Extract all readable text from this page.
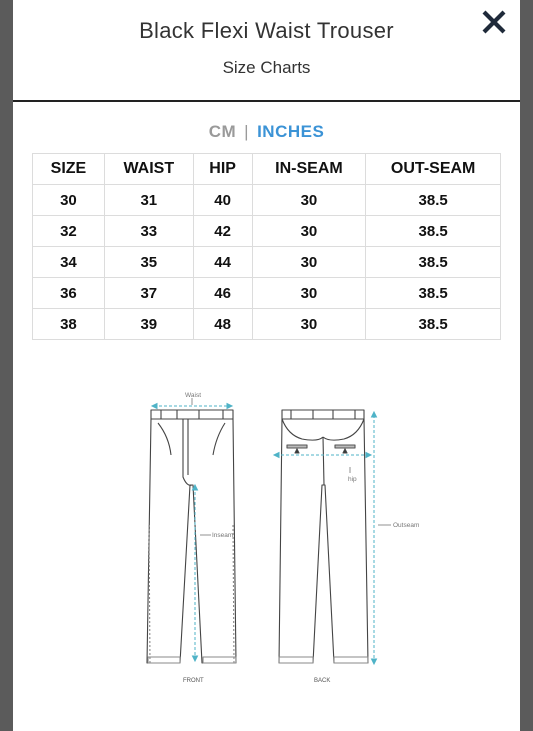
Black Flexi Waist Trouser
Size Charts
CM | INCHES
SIZE	WAIST	HIP	IN-SEAM	OUT-SEAM
30	31	40	30	38.5
32	33	42	30	38.5
34	35	44	30	38.5
36	37	46	30	38.5
38	39	48	30	38.5
Waist
Inseam
hip
Outseam
FRONT	BACK
